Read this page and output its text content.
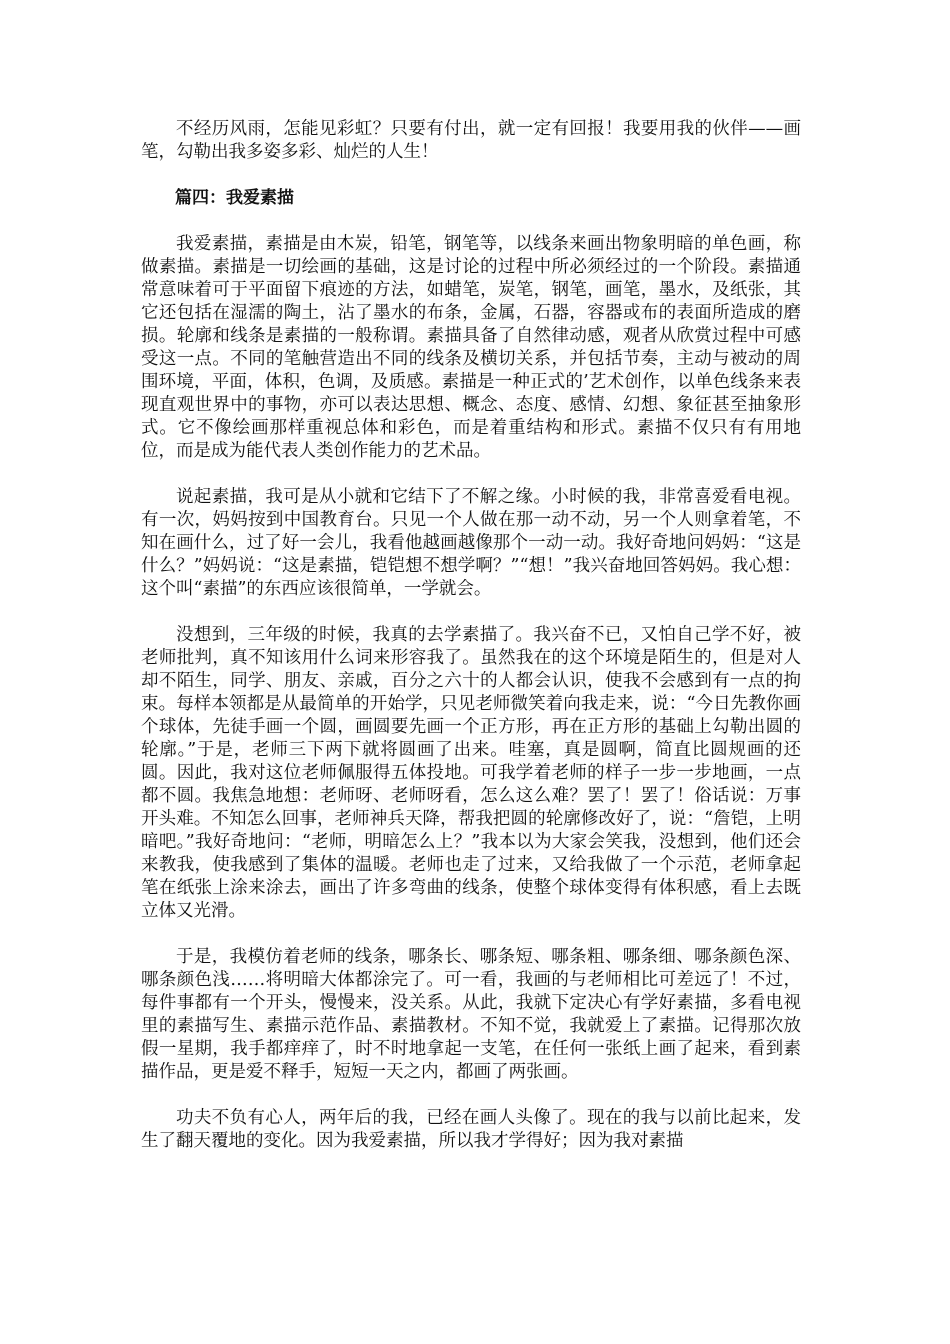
不经历风雨，怎能见彩虹？只要有付出，就一定有回报！我要用我的伙伴——画笔，勾勒出我多姿多彩、灿烂的人生！

篇四：我爱素描

我爱素描，素描是由木炭，铅笔，钢笔等，以线条来画出物象明暗的单色画，称做素描。素描是一切绘画的基础，这是讨论的过程中所必须经过的一个阶段。素描通常意味着可于平面留下痕迹的方法，如蜡笔，炭笔，钢笔，画笔，墨水，及纸张，其它还包括在湿濡的陶土，沾了墨水的布条，金属，石器，容器或布的表面所造成的磨损。轮廓和线条是素描的一般称谓。素描具备了自然律动感，观者从欣赏过程中可感受这一点。不同的笔触营造出不同的线条及横切关系，并包括节奏，主动与被动的周围环境，平面，体积，色调，及质感。素描是一种正式的’艺术创作，以单色线条来表现直观世界中的事物，亦可以表达思想、概念、态度、感情、幻想、象征甚至抽象形式。它不像绘画那样重视总体和彩色，而是着重结构和形式。素描不仅只有有用地位，而是成为能代表人类创作能力的艺术品。

说起素描，我可是从小就和它结下了不解之缘。小时候的我，非常喜爱看电视。有一次，妈妈按到中国教育台。只见一个人做在那一动不动，另一个人则拿着笔，不知在画什么，过了好一会儿，我看他越画越像那个一动一动。我好奇地问妈妈：“这是什么？”妈妈说：“这是素描，铠铠想不想学啊？”“想！”我兴奋地回答妈妈。我心想：这个叫“素描”的东西应该很简单，一学就会。

没想到，三年级的时候，我真的去学素描了。我兴奋不已，又怕自己学不好，被老师批判，真不知该用什么词来形容我了。虽然我在的这个环境是陌生的，但是对人却不陌生，同学、朋友、亲戚，百分之六十的人都会认识，使我不会感到有一点的拘束。每样本领都是从最简单的开始学，只见老师微笑着向我走来，说：“今日先教你画个球体，先徒手画一个圆，画圆要先画一个正方形，再在正方形的基础上勾勒出圆的轮廓。”于是，老师三下两下就将圆画了出来。哇塞，真是圆啊，简直比圆规画的还圆。因此，我对这位老师佩服得五体投地。可我学着老师的样子一步一步地画，一点都不圆。我焦急地想：老师呀、老师呀看，怎么这么难？罢了！罢了！俗话说：万事开头难。不知怎么回事，老师神兵天降，帮我把圆的轮廓修改好了，说：“詹铠，上明暗吧。”我好奇地问：“老师，明暗怎么上？”我本以为大家会笑我，没想到，他们还会来教我，使我感到了集体的温暖。老师也走了过来，又给我做了一个示范，老师拿起笔在纸张上涂来涂去，画出了许多弯曲的线条，使整个球体变得有体积感，看上去既立体又光滑。

于是，我模仿着老师的线条，哪条长、哪条短、哪条粗、哪条细、哪条颜色深、哪条颜色浅……将明暗大体都涂完了。可一看，我画的与老师相比可差远了！不过，每件事都有一个开头，慢慢来，没关系。从此，我就下定决心有学好素描，多看电视里的素描写生、素描示范作品、素描教材。不知不觉，我就爱上了素描。记得那次放假一星期，我手都痒痒了，时不时地拿起一支笔，在任何一张纸上画了起来，看到素描作品，更是爱不释手，短短一天之内，都画了两张画。

功夫不负有心人，两年后的我，已经在画人头像了。现在的我与以前比起来，发生了翻天覆地的变化。因为我爱素描，所以我才学得好；因为我对素描
